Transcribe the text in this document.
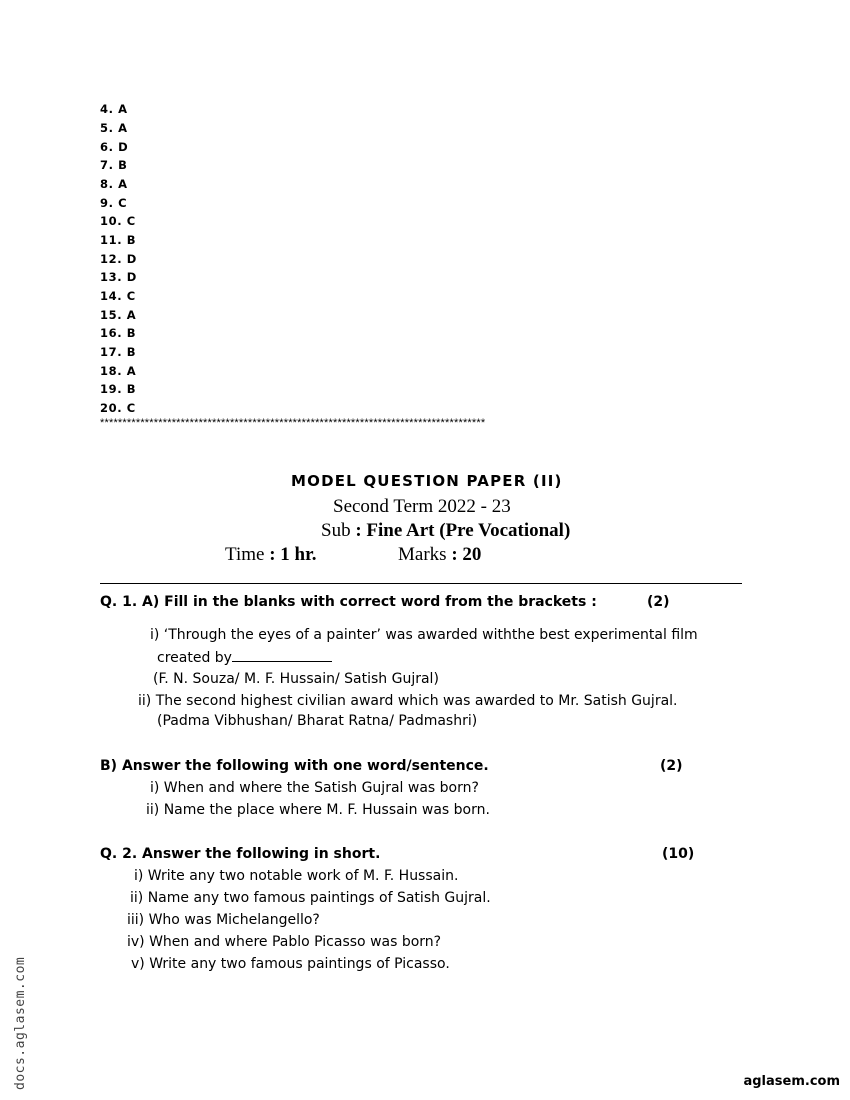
4. A
5. A
6. D
7. B
8. A
9. C
10. C
11. B
12. D
13. D
14. C
15. A
16. B
17. B
18. A
19. B
20. C
**************************************************************************************
MODEL QUESTION PAPER (II)
Second Term 2022 - 23
Sub : Fine Art (Pre Vocational)
Time : 1 hr.	Marks : 20
Q. 1. A) Fill in the blanks with correct word from the brackets :	(2)
i) ‘Through the eyes of a painter’ was awarded withthe best experimental film
created by
(F. N. Souza/ M. F. Hussain/ Satish Gujral)
ii) The second highest civilian award which was awarded to Mr. Satish Gujral.
(Padma Vibhushan/ Bharat Ratna/ Padmashri)
B) Answer the following with one word/sentence.	(2)
i) When and where the Satish Gujral was born?
ii) Name the place where M. F. Hussain was born.
Q. 2. Answer the following in short.	(10)
i) Write any two notable work of M. F. Hussain.
ii) Name any two famous paintings of Satish Gujral.
iii) Who was Michelangello?
iv) When and where Pablo Picasso was born?
v) Write any two famous paintings of Picasso.
docs.aglasem.com	aglasem.com
